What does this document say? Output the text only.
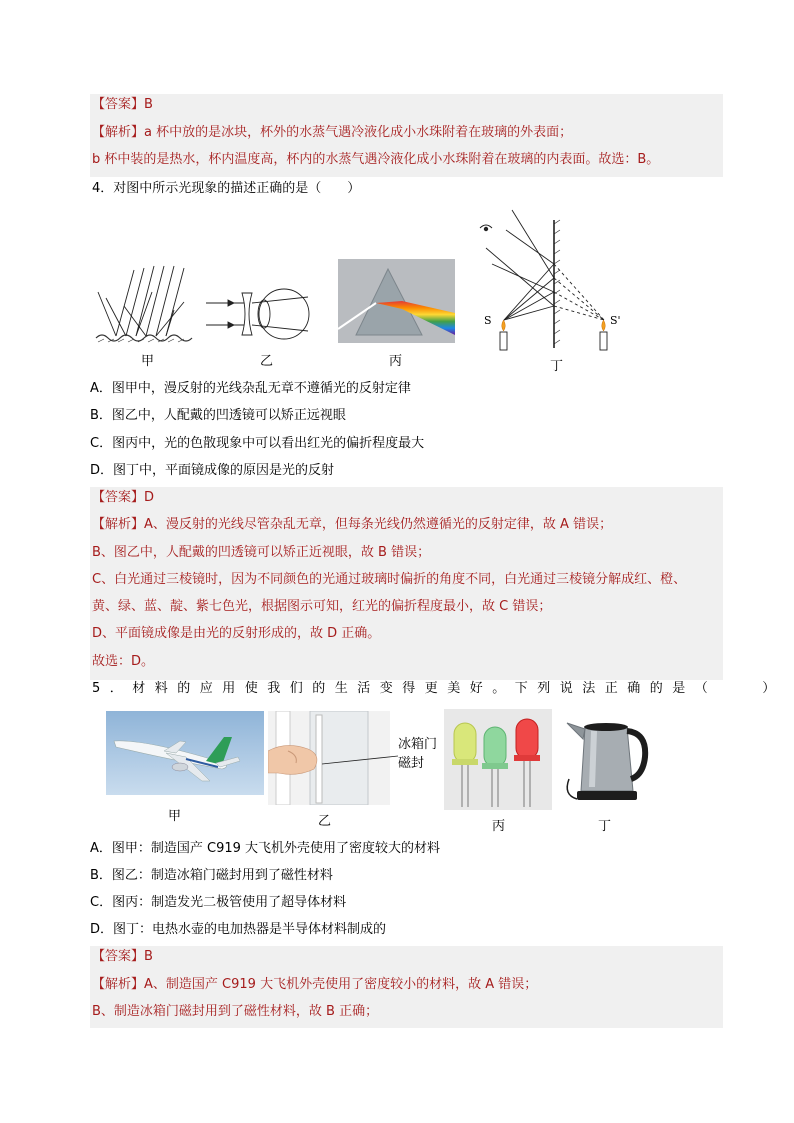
【答案】B
【解析】a 杯中放的是冰块，杯外的水蒸气遇冷液化成小水珠附着在玻璃的外表面；
b 杯中装的是热水，杯内温度高，杯内的水蒸气遇冷液化成小水珠附着在玻璃的内表面。故选：B。
4．对图中所示光现象的描述正确的是（　　）
甲	乙	丙
S	S'
丁
A．图甲中，漫反射的光线杂乱无章不遵循光的反射定律
B．图乙中，人配戴的凹透镜可以矫正远视眼
C．图丙中，光的色散现象中可以看出红光的偏折程度最大
D．图丁中，平面镜成像的原因是光的反射
【答案】D
【解析】A、漫反射的光线尽管杂乱无章，但每条光线仍然遵循光的反射定律，故 A 错误；
B、图乙中，人配戴的凹透镜可以矫正近视眼，故 B 错误；
C、白光通过三棱镜时，因为不同颜色的光通过玻璃时偏折的角度不同，白光通过三棱镜分解成红、橙、
黄、绿、蓝、靛、紫七色光，根据图示可知，红光的偏折程度最小，故 C 错误；
D、平面镜成像是由光的反射形成的，故 D 正确。
故选：D。
5．材料的应用使我们的生活变得更美好。下列说法正确的是（　　）
甲
冰箱门
磁封
乙	丙	丁
A．图甲：制造国产 C919 大飞机外壳使用了密度较大的材料
B．图乙：制造冰箱门磁封用到了磁性材料
C．图丙：制造发光二极管使用了超导体材料
D．图丁：电热水壶的电加热器是半导体材料制成的
【答案】B
【解析】A、制造国产 C919 大飞机外壳使用了密度较小的材料，故 A 错误；
B、制造冰箱门磁封用到了磁性材料，故 B 正确；
